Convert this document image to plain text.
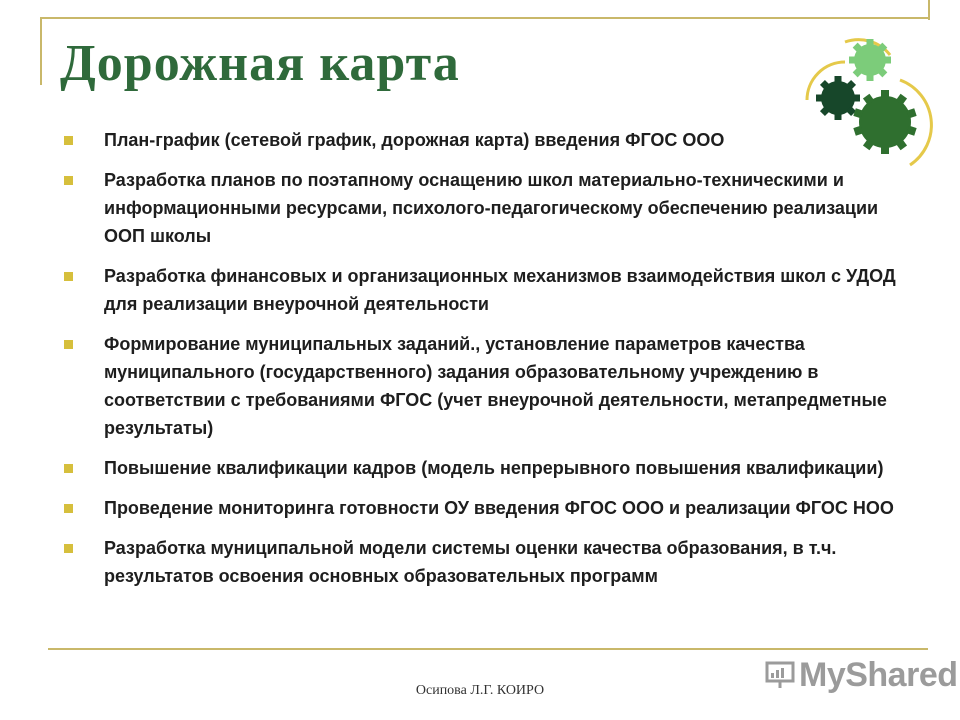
Дорожная карта
План-график (сетевой график, дорожная карта) введения ФГОС ООО
Разработка планов по поэтапному оснащению школ материально-техническими и информационными ресурсами, психолого-педагогическому обеспечению реализации ООП школы
Разработка финансовых и организационных механизмов взаимодействия школ с УДОД для реализации внеурочной деятельности
Формирование муниципальных заданий., установление параметров качества муниципального (государственного) задания образовательному учреждению в соответствии с требованиями ФГОС (учет внеурочной деятельности, метапредметные результаты)
Повышение квалификации кадров (модель непрерывного повышения квалификации)
Проведение мониторинга готовности ОУ введения ФГОС ООО и реализации ФГОС НОО
Разработка муниципальной модели системы оценки качества образования, в т.ч. результатов освоения основных образовательных программ
Осипова Л.Г. КОИРО	MyShared
